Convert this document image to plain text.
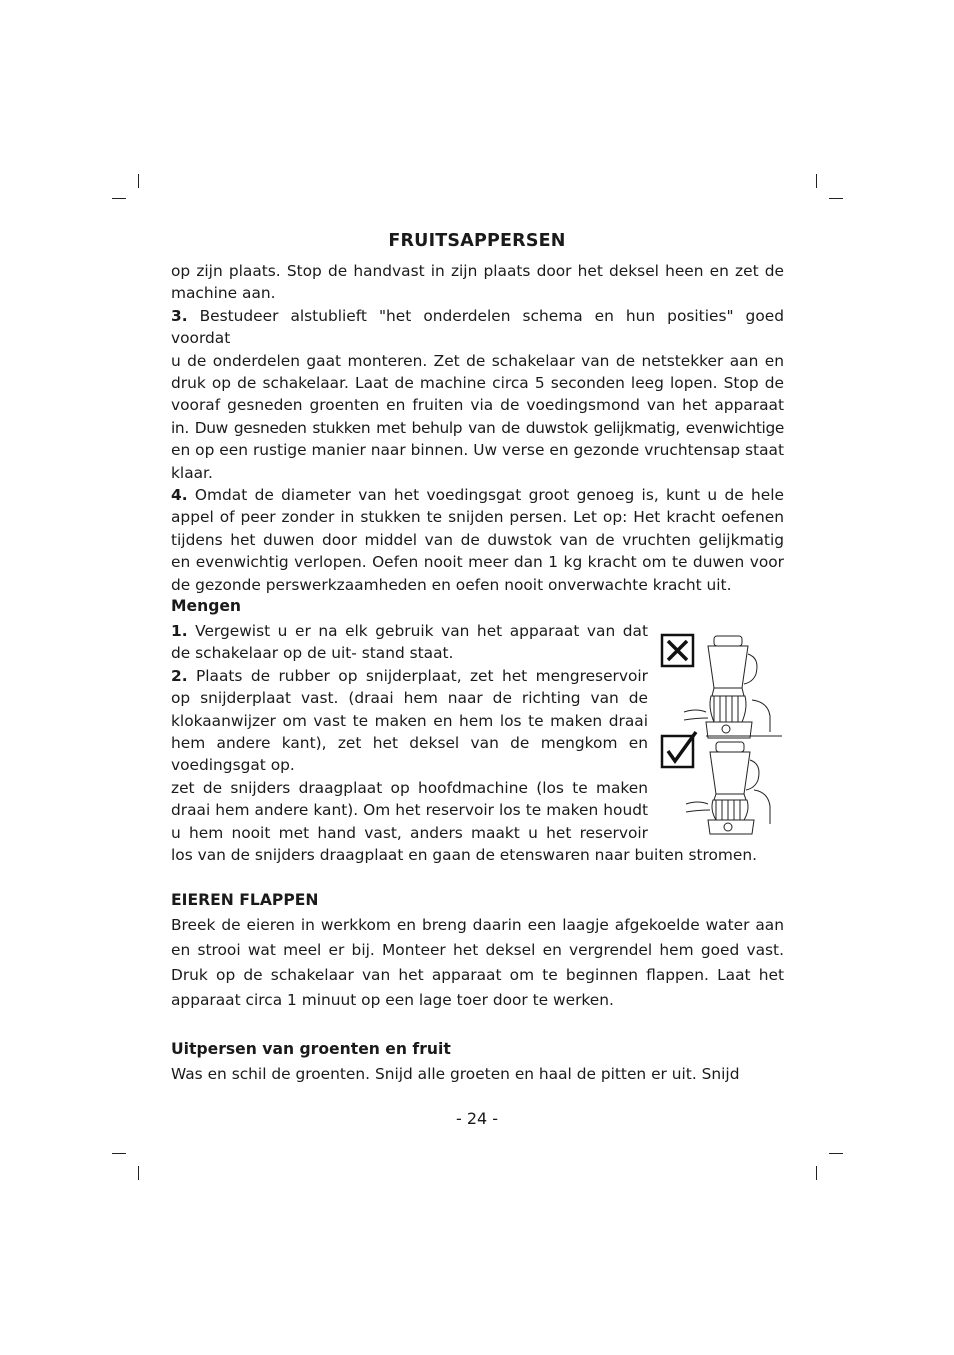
FRUITSAPPERSEN
op zijn plaats. Stop de handvast in zijn plaats door het deksel heen en zet de
machine aan.
3. Bestudeer alstublieft "het onderdelen schema en hun posities" goed voordat
u de onderdelen gaat monteren. Zet de schakelaar van de netstekker aan en
druk op de schakelaar. Laat de machine circa 5 seconden leeg lopen. Stop de
vooraf gesneden groenten en fruiten via de voedingsmond van het apparaat
in. Duw gesneden stukken met behulp van de duwstok gelijkmatig, evenwichtige
en op een rustige manier naar binnen. Uw verse en gezonde vruchtensap staat
klaar.
4. Omdat de diameter van het voedingsgat groot genoeg is, kunt u de hele
appel of peer zonder in stukken te snijden persen. Let op: Het kracht oefenen
tijdens het duwen door middel van de duwstok van de vruchten gelijkmatig
en evenwichtig verlopen. Oefen nooit meer dan 1 kg kracht om te duwen voor
de gezonde perswerkzaamheden en oefen nooit onverwachte kracht uit.
Mengen
1. Vergewist u er na elk gebruik van het apparaat van dat
de schakelaar op de uit- stand staat.
2. Plaats de rubber op snijderplaat, zet het mengreservoir
op snijderplaat vast. (draai hem naar de richting van de
klokaanwijzer om vast te maken en hem los te maken draai
hem andere kant), zet het deksel van de mengkom en
voedingsgat op.
zet de snijders draagplaat op hoofdmachine (los te maken
draai hem andere kant). Om het reservoir los te maken houdt
u hem nooit met hand vast, anders maakt u het reservoir
los van de snijders draagplaat en gaan de etenswaren naar buiten stromen.
EIEREN FLAPPEN
Breek de eieren in werkkom en breng daarin een laagje afgekoelde water aan
en strooi wat meel er bij. Monteer het deksel en vergrendel hem goed vast.
Druk op de schakelaar van het apparaat om te beginnen flappen. Laat het
apparaat circa 1 minuut op een lage toer door te werken.
Uitpersen van groenten en fruit
Was en schil de groenten. Snijd alle groeten en haal de pitten er uit. Snijd
- 24 -
